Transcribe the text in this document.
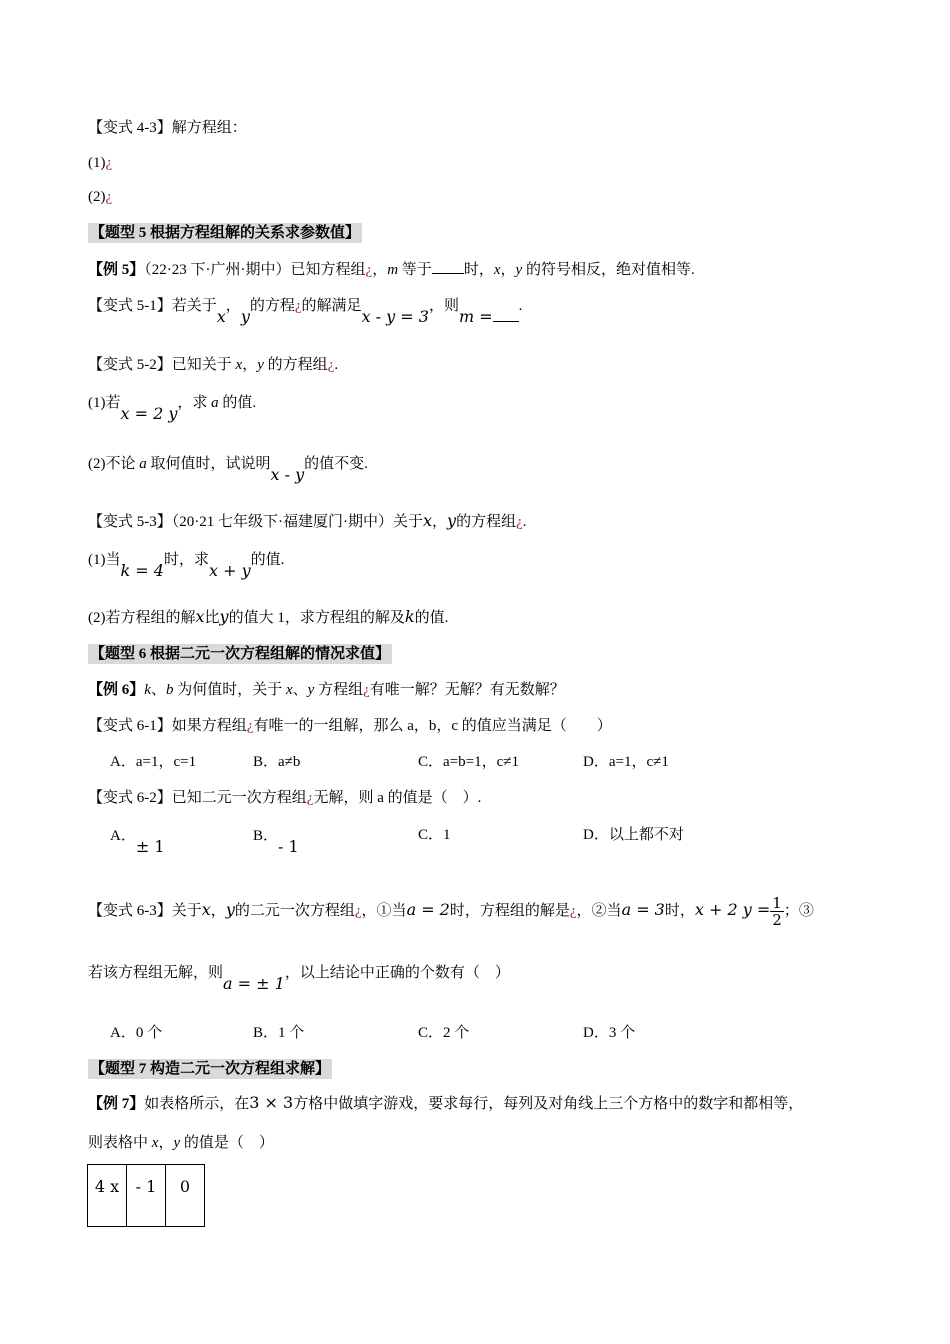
【变式 4-3】解方程组：
(1)¿
(2)¿
【题型 5 根据方程组解的关系求参数值】
【例 5】（22·23 下·广州·期中）已知方程组¿，m 等于 时，x，y 的符号相反，绝对值相等.
【变式 5-1】若关于x，y的方程¿的解满足x - y = 3，则m =.
【变式 5-2】已知关于 x，y 的方程组¿.
(1)若x = 2 y，求 a 的值.
(2)不论 a 取何值时，试说明x - y的值不变.
【变式 5-3】（20·21 七年级下·福建厦门·期中）关于x，y的方程组¿.
(1)当k = 4时，求x + y的值.
(2)若方程组的解x比y的值大 1，求方程组的解及k的值.
【题型 6 根据二元一次方程组解的情况求值】
【例 6】k、b 为何值时，关于 x、y 方程组¿有唯一解？无解？有无数解？
【变式 6-1】如果方程组¿有唯一的一组解，那么 a，b，c 的值应当满足（　　）
A．a=1，c=1	B．a≠b	C．a=b=1，c≠1	D．a=1，c≠1
【变式 6-2】已知二元一次方程组¿无解，则 a 的值是（　）.
A．± 1
B．- 1
C．1	D．以上都不对
【变式 6-3】关于x，y的二元一次方程组¿，①当a = 2时，方程组的解是¿，②当a = 3时，x + 2 $y = \frac{1}{2}$ ；③
若该方程组无解，则a = ± 1，以上结论中正确的个数有（　）
A．0 个	B．1 个	C．2 个	D．3 个
【题型 7 构造二元一次方程组求解】
【例 7】如表格所示，在3 × 3方格中做填字游戏，要求每行，每列及对角线上三个方格中的数字和都相等，
则表格中 x，y 的值是（　）
4 x	- 1	0
